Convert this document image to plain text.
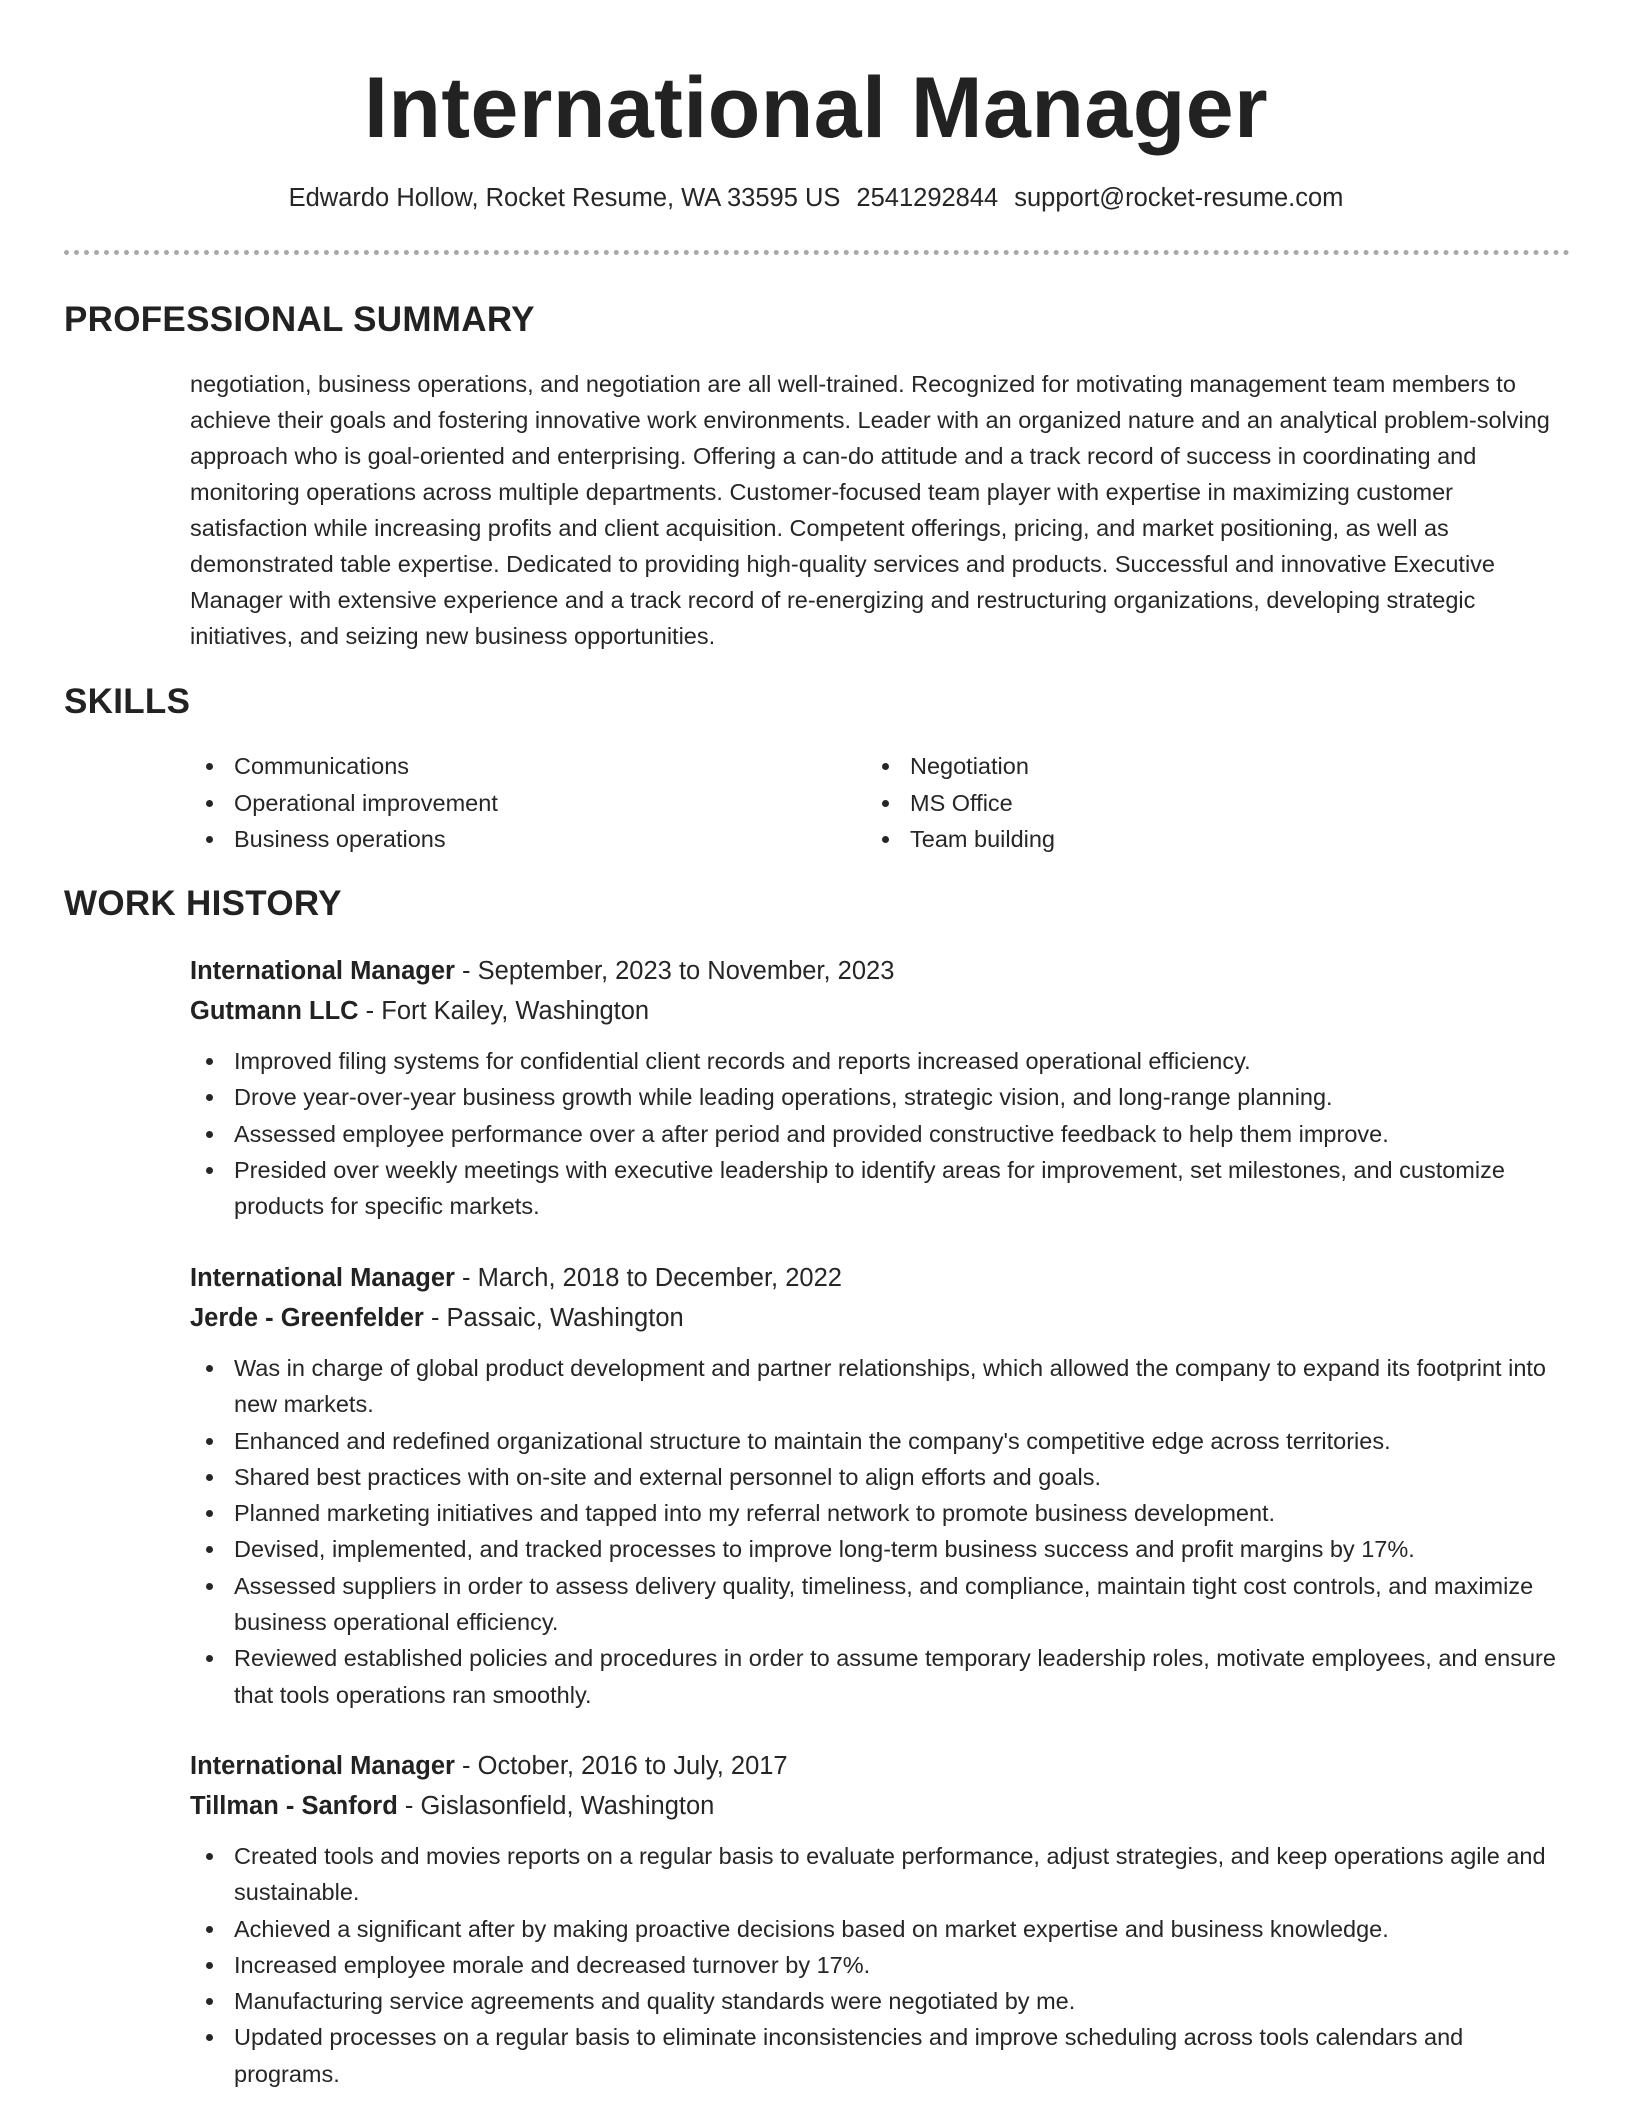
International Manager
Edwardo Hollow, Rocket Resume, WA 33595 US 2541292844 support@rocket-resume.com
PROFESSIONAL SUMMARY

negotiation, business operations, and negotiation are all well-trained. Recognized for motivating management team members to achieve their goals and fostering innovative work environments. Leader with an organized nature and an analytical problem-solving approach who is goal-oriented and enterprising. Offering a can-do attitude and a track record of success in coordinating and monitoring operations across multiple departments. Customer-focused team player with expertise in maximizing customer satisfaction while increasing profits and client acquisition. Competent offerings, pricing, and market positioning, as well as demonstrated table expertise. Dedicated to providing high-quality services and products. Successful and innovative Executive Manager with extensive experience and a track record of re-energizing and restructuring organizations, developing strategic initiatives, and seizing new business opportunities.

SKILLS
Communications
Operational improvement
Business operations
Negotiation
MS Office
Team building
WORK HISTORY
International Manager - September, 2023 to November, 2023
Gutmann LLC - Fort Kailey, Washington
Improved filing systems for confidential client records and reports increased operational efficiency.
Drove year-over-year business growth while leading operations, strategic vision, and long-range planning.
Assessed employee performance over a after period and provided constructive feedback to help them improve.
Presided over weekly meetings with executive leadership to identify areas for improvement, set milestones, and customize products for specific markets.
International Manager - March, 2018 to December, 2022
Jerde - Greenfelder - Passaic, Washington
Was in charge of global product development and partner relationships, which allowed the company to expand its footprint into new markets.
Enhanced and redefined organizational structure to maintain the company's competitive edge across territories.
Shared best practices with on-site and external personnel to align efforts and goals.
Planned marketing initiatives and tapped into my referral network to promote business development.
Devised, implemented, and tracked processes to improve long-term business success and profit margins by 17%.
Assessed suppliers in order to assess delivery quality, timeliness, and compliance, maintain tight cost controls, and maximize business operational efficiency.
Reviewed established policies and procedures in order to assume temporary leadership roles, motivate employees, and ensure that tools operations ran smoothly.
International Manager - October, 2016 to July, 2017
Tillman - Sanford - Gislasonfield, Washington
Created tools and movies reports on a regular basis to evaluate performance, adjust strategies, and keep operations agile and sustainable.
Achieved a significant after by making proactive decisions based on market expertise and business knowledge.
Increased employee morale and decreased turnover by 17%.
Manufacturing service agreements and quality standards were negotiated by me.
Updated processes on a regular basis to eliminate inconsistencies and improve scheduling across tools calendars and programs.
